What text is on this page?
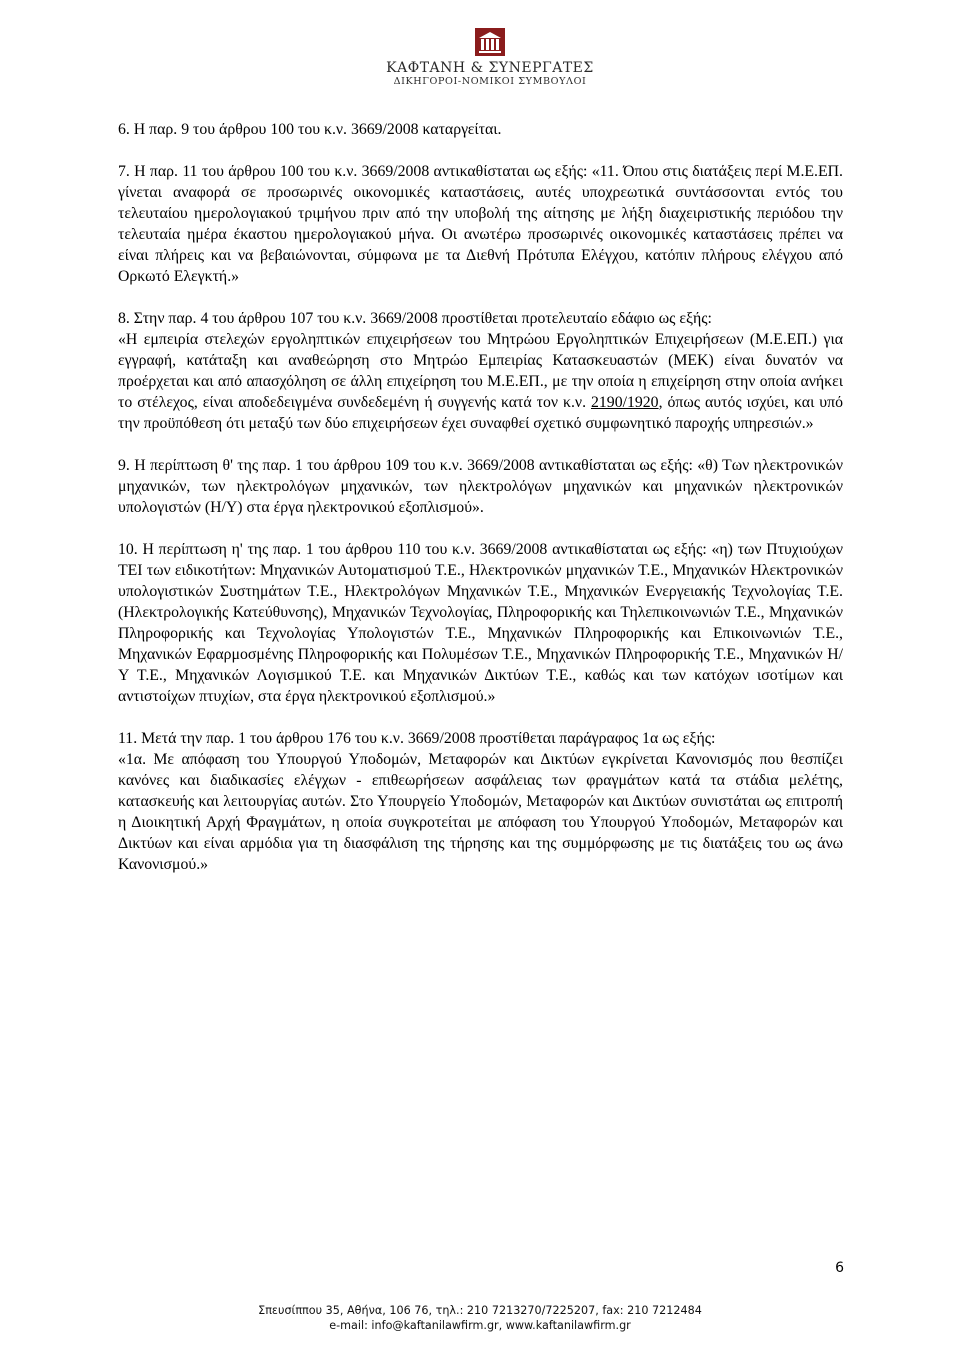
ΚΑΦΤΑΝΗ & ΣΥΝΕΡΓΑΤΕΣ
ΔΙΚΗΓΟΡΟΙ-ΝΟΜΙΚΟΙ ΣΥΜΒΟΥΛΟΙ

6. Η παρ. 9 του άρθρου 100 του κ.ν. 3669/2008 καταργείται.

7. Η παρ. 11 του άρθρου 100 του κ.ν. 3669/2008 αντικαθίσταται ως εξής: «11. Όπου στις διατάξεις περί Μ.Ε.ΕΠ. γίνεται αναφορά σε προσωρινές οικονομικές καταστάσεις, αυτές υποχρεωτικά συντάσσονται εντός του τελευταίου ημερολογιακού τριμήνου πριν από την υποβολή της αίτησης με λήξη διαχειριστικής περιόδου την τελευταία ημέρα έκαστου ημερολογιακού μήνα. Οι ανωτέρω προσωρινές οικονομικές καταστάσεις πρέπει να είναι πλήρεις και να βεβαιώνονται, σύμφωνα με τα Διεθνή Πρότυπα Ελέγχου, κατόπιν πλήρους ελέγχου από Ορκωτό Ελεγκτή.»

8. Στην παρ. 4 του άρθρου 107 του κ.ν. 3669/2008 προστίθεται προτελευταίο εδάφιο ως εξής:
«Η εμπειρία στελεχών εργοληπτικών επιχειρήσεων του Μητρώου Εργοληπτικών Επιχειρήσεων (Μ.Ε.ΕΠ.) για εγγραφή, κατάταξη και αναθεώρηση στο Μητρώο Εμπειρίας Κατασκευαστών (ΜΕΚ) είναι δυνατόν να προέρχεται και από απασχόληση σε άλλη επιχείρηση του Μ.Ε.ΕΠ., με την οποία η επιχείρηση στην οποία ανήκει το στέλεχος, είναι αποδεδειγμένα συνδεδεμένη ή συγγενής κατά τον κ.ν. 2190/1920, όπως αυτός ισχύει, και υπό την προϋπόθεση ότι μεταξύ των δύο επιχειρήσεων έχει συναφθεί σχετικό συμφωνητικό παροχής υπηρεσιών.»

9. Η περίπτωση θ' της παρ. 1 του άρθρου 109 του κ.ν. 3669/2008 αντικαθίσταται ως εξής: «θ) Των ηλεκτρονικών μηχανικών, των ηλεκτρολόγων μηχανικών, των ηλεκτρολόγων μηχανικών και μηχανικών ηλεκτρονικών υπολογιστών (Η/Υ) στα έργα ηλεκτρονικού εξοπλισμού».

10. Η περίπτωση η' της παρ. 1 του άρθρου 110 του κ.ν. 3669/2008 αντικαθίσταται ως εξής: «η) των Πτυχιούχων ΤΕΙ των ειδικοτήτων: Μηχανικών Αυτοματισμού Τ.Ε., Ηλεκτρονικών μηχανικών Τ.Ε., Μηχανικών Ηλεκτρονικών υπολογιστικών Συστημάτων Τ.Ε., Ηλεκτρολόγων Μηχανικών Τ.Ε., Μηχανικών Ενεργειακής Τεχνολογίας Τ.Ε. (Ηλεκτρολογικής Κατεύθυνσης), Μηχανικών Τεχνολογίας, Πληροφορικής και Τηλεπικοινωνιών Τ.Ε., Μηχανικών Πληροφορικής και Τεχνολογίας Υπολογιστών Τ.Ε., Μηχανικών Πληροφορικής και Επικοινωνιών Τ.Ε., Μηχανικών Εφαρμοσμένης Πληροφορικής και Πολυμέσων Τ.Ε., Μηχανικών Πληροφορικής Τ.Ε., Μηχανικών Η/Υ Τ.Ε., Μηχανικών Λογισμικού Τ.Ε. και Μηχανικών Δικτύων Τ.Ε., καθώς και των κατόχων ισοτίμων και αντιστοίχων πτυχίων, στα έργα ηλεκτρονικού εξοπλισμού.»

11. Μετά την παρ. 1 του άρθρου 176 του κ.ν. 3669/2008 προστίθεται παράγραφος 1α ως εξής:
«1α. Με απόφαση του Υπουργού Υποδομών, Μεταφορών και Δικτύων εγκρίνεται Κανονισμός που θεσπίζει κανόνες και διαδικασίες ελέγχων - επιθεωρήσεων ασφάλειας των φραγμάτων κατά τα στάδια μελέτης, κατασκευής και λειτουργίας αυτών. Στο Υπουργείο Υποδομών, Μεταφορών και Δικτύων συνιστάται ως επιτροπή η Διοικητική Αρχή Φραγμάτων, η οποία συγκροτείται με απόφαση του Υπουργού Υποδομών, Μεταφορών και Δικτύων και είναι αρμόδια για τη διασφάλιση της τήρησης και της συμμόρφωσης με τις διατάξεις του ως άνω Κανονισμού.»

6
Σπευσίππου 35, Αθήνα, 106 76, τηλ.: 210 7213270/7225207, fax: 210 7212484
e-mail: info@kaftanilawfirm.gr, www.kaftanilawfirm.gr
